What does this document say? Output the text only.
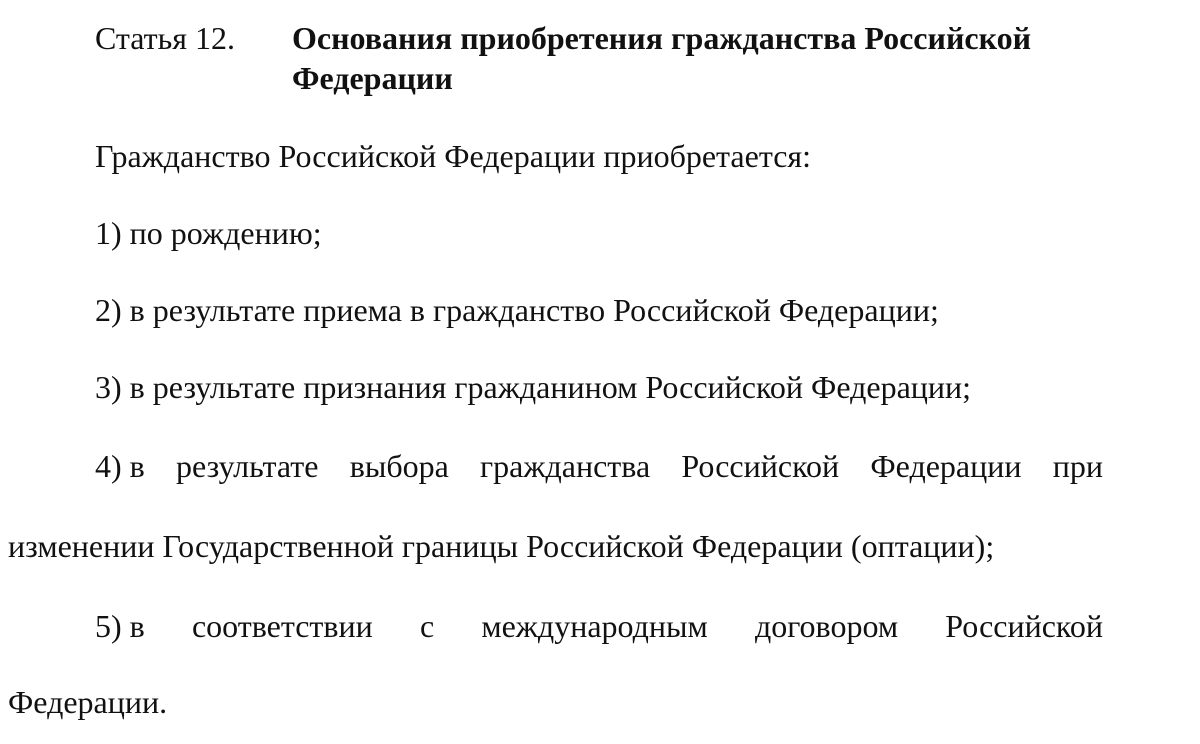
Статья 12. Основания приобретения гражданства Российской Федерации
Гражданство Российской Федерации приобретается:
1) по рождению;
2) в результате приема в гражданство Российской Федерации;
3) в результате признания гражданином Российской Федерации;
4) в результате выбора гражданства Российской Федерации при
изменении Государственной границы Российской Федерации (оптации);
5) в соответствии с международным договором Российской
Федерации.
